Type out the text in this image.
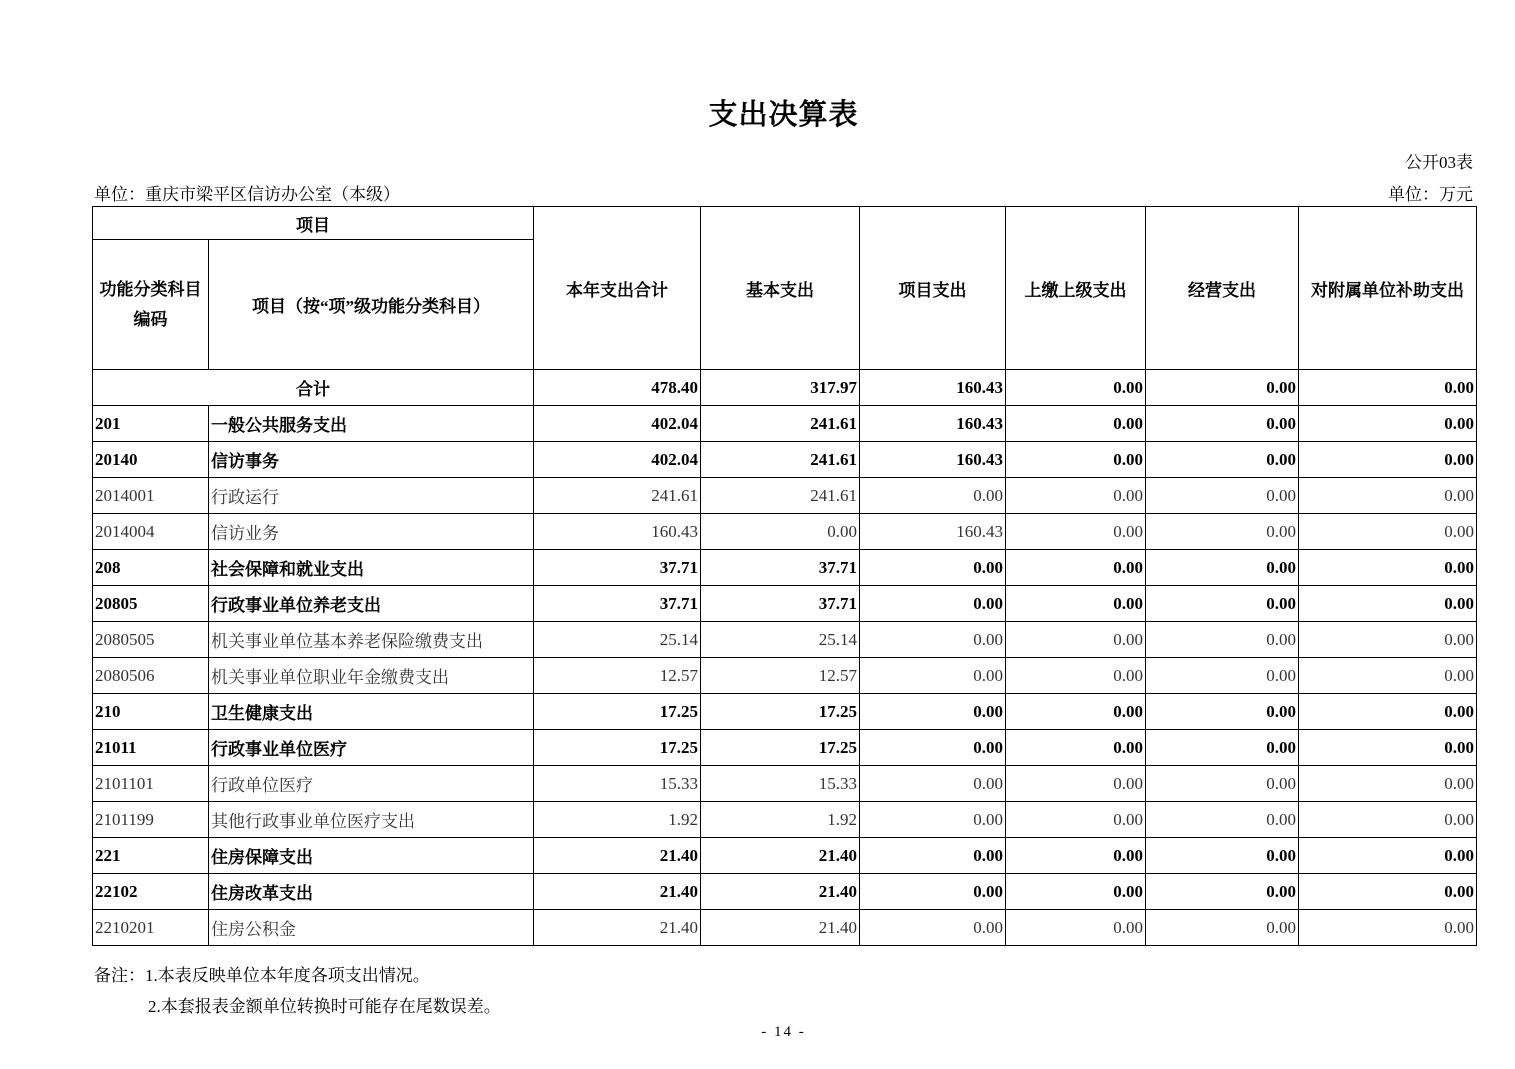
支出决算表
公开03表
单位：重庆市梁平区信访办公室（本级）	单位：万元
项目		本年支出合计	基本支出	项目支出	上缴上级支出	经营支出	对附属单位补助支出
功能分类科目编码	项目（按“项”级功能分类科目）						
合计		478.40	317.97	160.43	0.00	0.00	0.00
201	一般公共服务支出	402.04	241.61	160.43	0.00	0.00	0.00
20140	信访事务	402.04	241.61	160.43	0.00	0.00	0.00
2014001	行政运行	241.61	241.61	0.00	0.00	0.00	0.00
2014004	信访业务	160.43	0.00	160.43	0.00	0.00	0.00
208	社会保障和就业支出	37.71	37.71	0.00	0.00	0.00	0.00
20805	行政事业单位养老支出	37.71	37.71	0.00	0.00	0.00	0.00
2080505	机关事业单位基本养老保险缴费支出	25.14	25.14	0.00	0.00	0.00	0.00
2080506	机关事业单位职业年金缴费支出	12.57	12.57	0.00	0.00	0.00	0.00
210	卫生健康支出	17.25	17.25	0.00	0.00	0.00	0.00
21011	行政事业单位医疗	17.25	17.25	0.00	0.00	0.00	0.00
2101101	行政单位医疗	15.33	15.33	0.00	0.00	0.00	0.00
2101199	其他行政事业单位医疗支出	1.92	1.92	0.00	0.00	0.00	0.00
221	住房保障支出	21.40	21.40	0.00	0.00	0.00	0.00
22102	住房改革支出	21.40	21.40	0.00	0.00	0.00	0.00
2210201	住房公积金	21.40	21.40	0.00	0.00	0.00	0.00
备注：1.本表反映单位本年度各项支出情况。
2.本套报表金额单位转换时可能存在尾数误差。
- 14 -
